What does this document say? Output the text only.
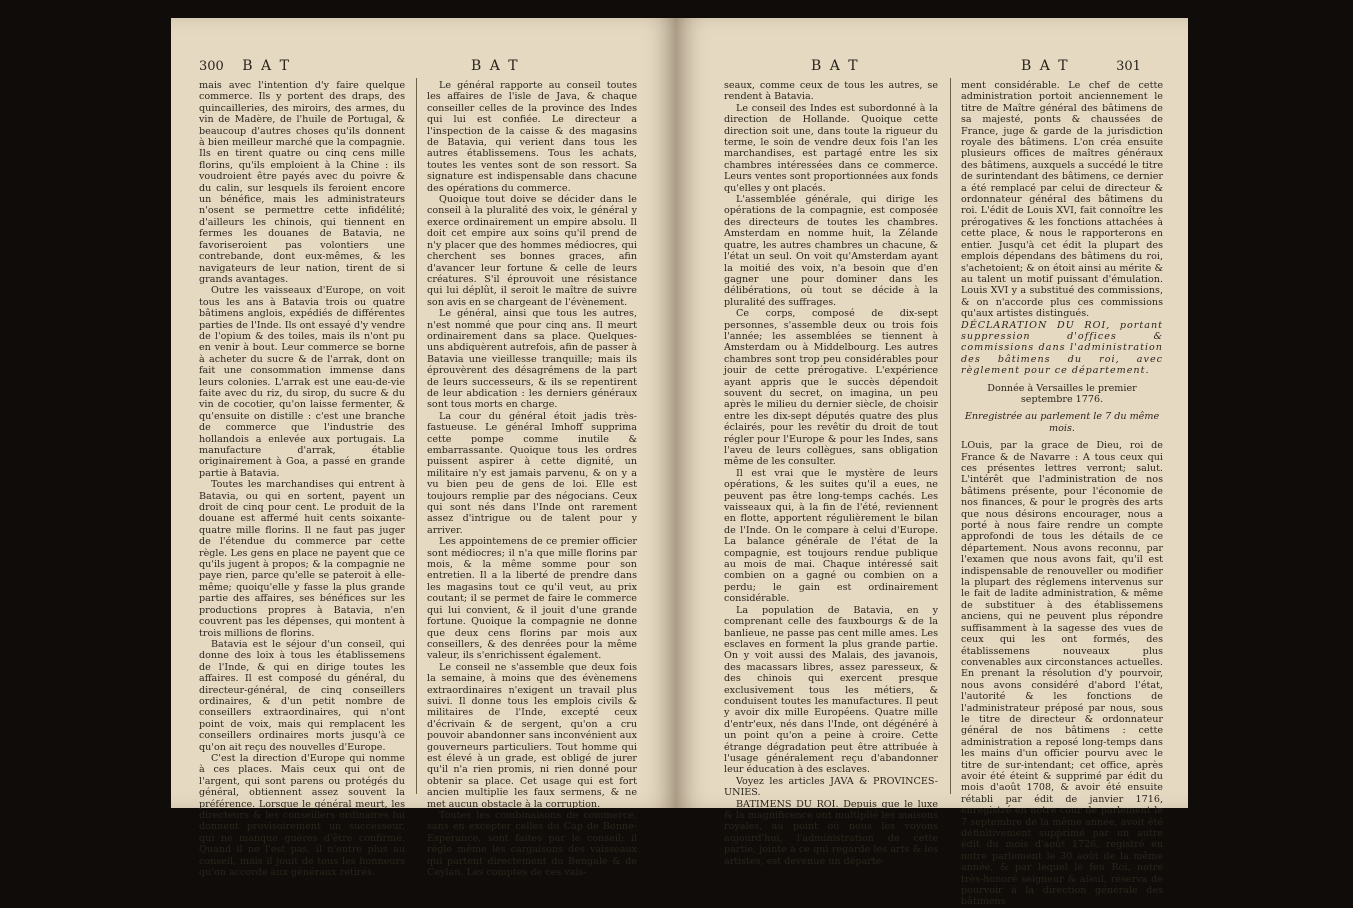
300 B A T	B A T

mais avec l'intention d'y faire quelque commerce. Ils y portent des draps, des quincailleries, des miroirs, des armes, du vin de Madère, de l'huile de Portugal, & beaucoup d'autres choses qu'ils donnent à bien meilleur marché que la compagnie. Ils en tirent quatre ou cinq cens mille florins, qu'ils emploient à la Chine : ils voudroient être payés avec du poivre & du calin, sur lesquels ils feroient encore un bénéfice, mais les administrateurs n'osent se permettre cette infidélité; d'ailleurs les chinois, qui tiennent en fermes les douanes de Batavia, ne favoriseroient pas volontiers une contrebande, dont eux-mêmes, & les navigateurs de leur nation, tirent de si grands avantages.

Outre les vaisseaux d'Europe, on voit tous les ans à Batavia trois ou quatre bâtimens anglois, expédiés de différentes parties de l'Inde. Ils ont essayé d'y vendre de l'opium & des toiles, mais ils n'ont pu en venir à bout. Leur commerce se borne à acheter du sucre & de l'arrak, dont on fait une consommation immense dans leurs colonies. L'arrak est une eau-de-vie faite avec du riz, du sirop, du sucre & du vin de cocotier, qu'on laisse fermenter, & qu'ensuite on distille : c'est une branche de commerce que l'industrie des hollandois a enlevée aux portugais. La manufacture d'arrak, établie originairement à Goa, a passé en grande partie à Batavia.

Toutes les marchandises qui entrent à Batavia, ou qui en sortent, payent un droit de cinq pour cent. Le produit de la douane est affermé huit cents soixante-quatre mille florins. Il ne faut pas juger de l'étendue du commerce par cette règle. Les gens en place ne payent que ce qu'ils jugent à propos; & la compagnie ne paye rien, parce qu'elle se pateroit à elle-même; quoiqu'elle y fasse la plus grande partie des affaires, ses bénéfices sur les productions propres à Batavia, n'en couvrent pas les dépenses, qui montent à trois millions de florins.

Batavia est le séjour d'un conseil, qui donne des loix à tous les établissemens de l'Inde, & qui en dirige toutes les affaires. Il est composé du général, du directeur-général, de cinq conseillers ordinaires, & d'un petit nombre de conseillers extraordinaires, qui n'ont point de voix, mais qui remplacent les conseillers ordinaires morts jusqu'à ce qu'on ait reçu des nouvelles d'Europe.

C'est la direction d'Europe qui nomme à ces places. Mais ceux qui ont de l'argent, qui sont parens ou protégés du général, obtiennent assez souvent la préférence. Lorsque le général meurt, les directeurs & les conseillers ordinaires lui donnent provisoirement un successeur, qui ne manque guères d'être confirmé. Quand il ne l'est pas, il n'entre plus au conseil, mais il jouit de tous les honneurs qu'on accorde aux généraux retirés.

Le général rapporte au conseil toutes les affaires de l'isle de Java, & chaque conseiller celles de la province des Indes qui lui est confiée. Le directeur a l'inspection de la caisse & des magasins de Batavia, qui verient dans tous les autres établissemens. Tous les achats, toutes les ventes sont de son ressort. Sa signature est indispensable dans chacune des opérations du commerce.

Quoique tout doive se décider dans le conseil à la pluralité des voix, le général y exerce ordinairement un empire absolu. Il doit cet empire aux soins qu'il prend de n'y placer que des hommes médiocres, qui cherchent ses bonnes graces, afin d'avancer leur fortune & celle de leurs créatures. S'il éprouvoit une résistance qui lui déplût, il seroit le maître de suivre son avis en se chargeant de l'évènement.

Le général, ainsi que tous les autres, n'est nommé que pour cinq ans. Il meurt ordinairement dans sa place. Quelques-uns abdiquèrent autrefois, afin de passer à Batavia une vieillesse tranquille; mais ils éprouvèrent des désagrémens de la part de leurs successeurs, & ils se repentirent de leur abdication : les derniers généraux sont tous morts en charge.

La cour du général étoit jadis très-fastueuse. Le général Imhoff supprima cette pompe comme inutile & embarrassante. Quoique tous les ordres puissent aspirer à cette dignité, un militaire n'y est jamais parvenu, & on y a vu bien peu de gens de loi. Elle est toujours remplie par des négocians. Ceux qui sont nés dans l'Inde ont rarement assez d'intrigue ou de talent pour y arriver.

Les appointemens de ce premier officier sont médiocres; il n'a que mille florins par mois, & la même somme pour son entretien. Il a la liberté de prendre dans les magasins tout ce qu'il veut, au prix coutant; il se permet de faire le commerce qui lui convient, & il jouit d'une grande fortune. Quoique la compagnie ne donne que deux cens florins par mois aux conseillers, & des denrées pour la même valeur, ils s'enrichissent également.

Le conseil ne s'assemble que deux fois la semaine, à moins que des évènemens extraordinaires n'exigent un travail plus suivi. Il donne tous les emplois civils & militaires de l'Inde, excepté ceux d'écrivain & de sergent, qu'on a cru pouvoir abandonner sans inconvénient aux gouverneurs particuliers. Tout homme qui est élevé à un grade, est obligé de jurer qu'il n'a rien promis, ni rien donné pour obtenir sa place. Cet usage qui est fort ancien multiplie les faux sermens, & ne met aucun obstacle à la corruption.

Toutes les combinaisons de commerce, sans en excepter celles du Cap de Bonne-Espérance, sont faites par le conseil; il règle même les cargaisons des vaisseaux qui partent directement du Bengale & de Ceylan. Les comptes de ces vais-

B A T	B A T	301

seaux, comme ceux de tous les autres, se rendent à Batavia.

Le conseil des Indes est subordonné à la direction de Hollande. Quoique cette direction soit une, dans toute la rigueur du terme, le soin de vendre deux fois l'an les marchandises, est partagé entre les six chambres intéressées dans ce commerce. Leurs ventes sont proportionnées aux fonds qu'elles y ont placés.

L'assemblée générale, qui dirige les opérations de la compagnie, est composée des directeurs de toutes les chambres. Amsterdam en nomme huit, la Zélande quatre, les autres chambres un chacune, & l'état un seul. On voit qu'Amsterdam ayant la moitié des voix, n'a besoin que d'en gagner une pour dominer dans les délibérations, où tout se décide à la pluralité des suffrages.

Ce corps, composé de dix-sept personnes, s'assemble deux ou trois fois l'année; les assemblées se tiennent à Amsterdam ou à Middelbourg. Les autres chambres sont trop peu considérables pour jouir de cette prérogative. L'expérience ayant appris que le succès dépendoit souvent du secret, on imagina, un peu après le milieu du dernier siècle, de choisir entre les dix-sept députés quatre des plus éclairés, pour les revêtir du droit de tout régler pour l'Europe & pour les Indes, sans l'aveu de leurs collègues, sans obligation même de les consulter.

Il est vrai que le mystère de leurs opérations, & les suites qu'il a eues, ne peuvent pas être long-temps cachés. Les vaisseaux qui, à la fin de l'été, reviennent en flotte, apportent régulièrement le bilan de l'Inde. On le compare à celui d'Europe. La balance générale de l'état de la compagnie, est toujours rendue publique au mois de mai. Chaque intéressé sait combien on a gagné ou combien on a perdu; le gain est ordinairement considérable.

La population de Batavia, en y comprenant celle des fauxbourgs & de la banlieue, ne passe pas cent mille ames. Les esclaves en forment la plus grande partie. On y voit aussi des Malais, des javanois, des macassars libres, assez paresseux, & des chinois qui exercent presque exclusivement tous les métiers, & conduisent toutes les manufactures. Il peut y avoir dix mille Européens. Quatre mille d'entr'eux, nés dans l'Inde, ont dégénéré à un point qu'on a peine à croire. Cette étrange dégradation peut être attribuée à l'usage généralement reçu d'abandonner leur éducation à des esclaves.

Voyez les articles JAVA & PROVINCES-UNIES.

BATIMENS DU ROI. Depuis que le luxe & la magnificence ont multiplié les maisons royales, au point où nous les voyons aujourd'hui, l'administration de cette partie, jointe à ce qui regarde les arts & les artistes, est devenue un départe-

ment considérable. Le chef de cette administration portoit anciennement le titre de Maître général des bâtimens de sa majesté, ponts & chaussées de France, juge & garde de la jurisdiction royale des bâtimens. L'on créa ensuite plusieurs offices de maîtres généraux des bâtimens, auxquels a succédé le titre de surintendant des bâtimens, ce dernier a été remplacé par celui de directeur & ordonnateur général des bâtimens du roi. L'édit de Louis XVI, fait connoître les prérogatives & les fonctions attachées à cette place, & nous le rapporterons en entier. Jusqu'à cet édit la plupart des emplois dépendans des bâtimens du roi, s'achetoient; & on étoit ainsi au mérite & au talent un motif puissant d'émulation. Louis XVI y a substitué des commissions, & on n'accorde plus ces commissions qu'aux artistes distingués.

DÉCLARATION DU ROI, portant suppression d'offices & commissions dans l'administration des bâtimens du roi, avec règlement pour ce département.

Donnée à Versailles le premier septembre 1776.

Enregistrée au parlement le 7 du même mois.

LOuis, par la grace de Dieu, roi de France & de Navarre : A tous ceux qui ces présentes lettres verront; salut. L'intérêt que l'administration de nos bâtimens présente, pour l'économie de nos finances, & pour le progrès des arts que nous désirons encourager, nous a porté à nous faire rendre un compte approfondi de tous les détails de ce département. Nous avons reconnu, par l'examen que nous avons fait, qu'il est indispensable de renouveller ou modifier la plupart des réglemens intervenus sur le fait de ladite administration, & même de substituer à des établissemens anciens, qui ne peuvent plus répondre suffisamment à la sagesse des vues de ceux qui les ont formés, des établissemens nouveaux plus convenables aux circonstances actuelles. En prenant la résolution d'y pourvoir, nous avons considéré d'abord l'état, l'autorité & les fonctions de l'administrateur préposé par nous, sous le titre de directeur & ordonnateur général de nos bâtimens : cette administration a reposé long-temps dans les mains d'un officier pourvu avec le titre de sur-intendant; cet office, après avoir été éteint & supprimé par édit du mois d'août 1708, & avoir été ensuite rétabli par édit de janvier 1716, enregistré en notre cour de parlement le 7 septembre de la même année, avoit été définitivement supprimé par un autre édit du mois d'août 1726, registré en notre parlement le 30 août de la même année, & par lequel le feu Roi, notre très-honoré seigneur & aïeul, réserva de pourvoir à la direction générale des bâtimens
